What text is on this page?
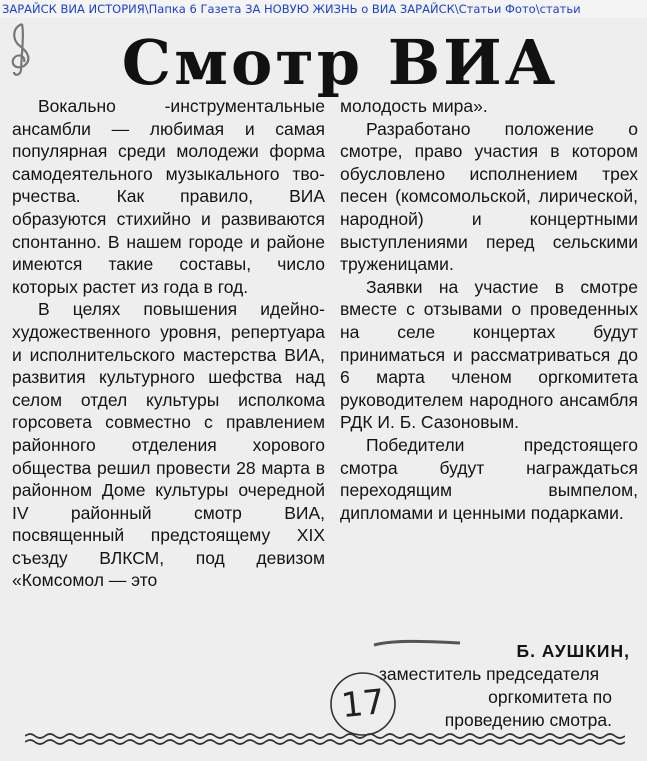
ЗАРАЙСК ВИА ИСТОРИЯ\Папка 6 Газета ЗА НОВУЮ ЖИЗНЬ о ВИА ЗАРАЙСК\Статьи Фото\статьи
Смотр ВИА

Вокально -инструментальные ансамбли — любимая и самая популярная среди молодежи форма самодеятельного музыкального творчества. Как правило, ВИА образуются стихийно и развиваются спонтанно. В нашем городе и районе имеются такие составы, число которых растет из года в год.

В целях повышения идейно-художественного уровня, репертуара и исполнительского мастерства ВИА, развития культурного шефства над селом отдел культуры исполкома горсовета совместно с правлением районного отделения хорового общества решил провести 28 марта в районном Доме культуры очередной IV районный смотр ВИА, посвященный предстоящему XIX съезду ВЛКСМ, под девизом «Комсомол — это

молодость мира».

Разработано положение о смотре, право участия в котором обусловлено исполнением трех песен (комсомольской, лирической, народной) и концертными выступлениями перед сельскими труженицами.

Заявки на участие в смотре вместе с отзывами о проведенных на селе концертах будут приниматься и рассматриваться до 6 марта членом оргкомитета руководителем народного ансамбля РДК И. Б. Сазоновым.

Победители предстоящего смотра будут награждаться переходящим вымпелом, дипломами и ценными подарками.

Б. АУШКИН,
заместитель председателя
оргкомитета по
проведению смотра.
17
